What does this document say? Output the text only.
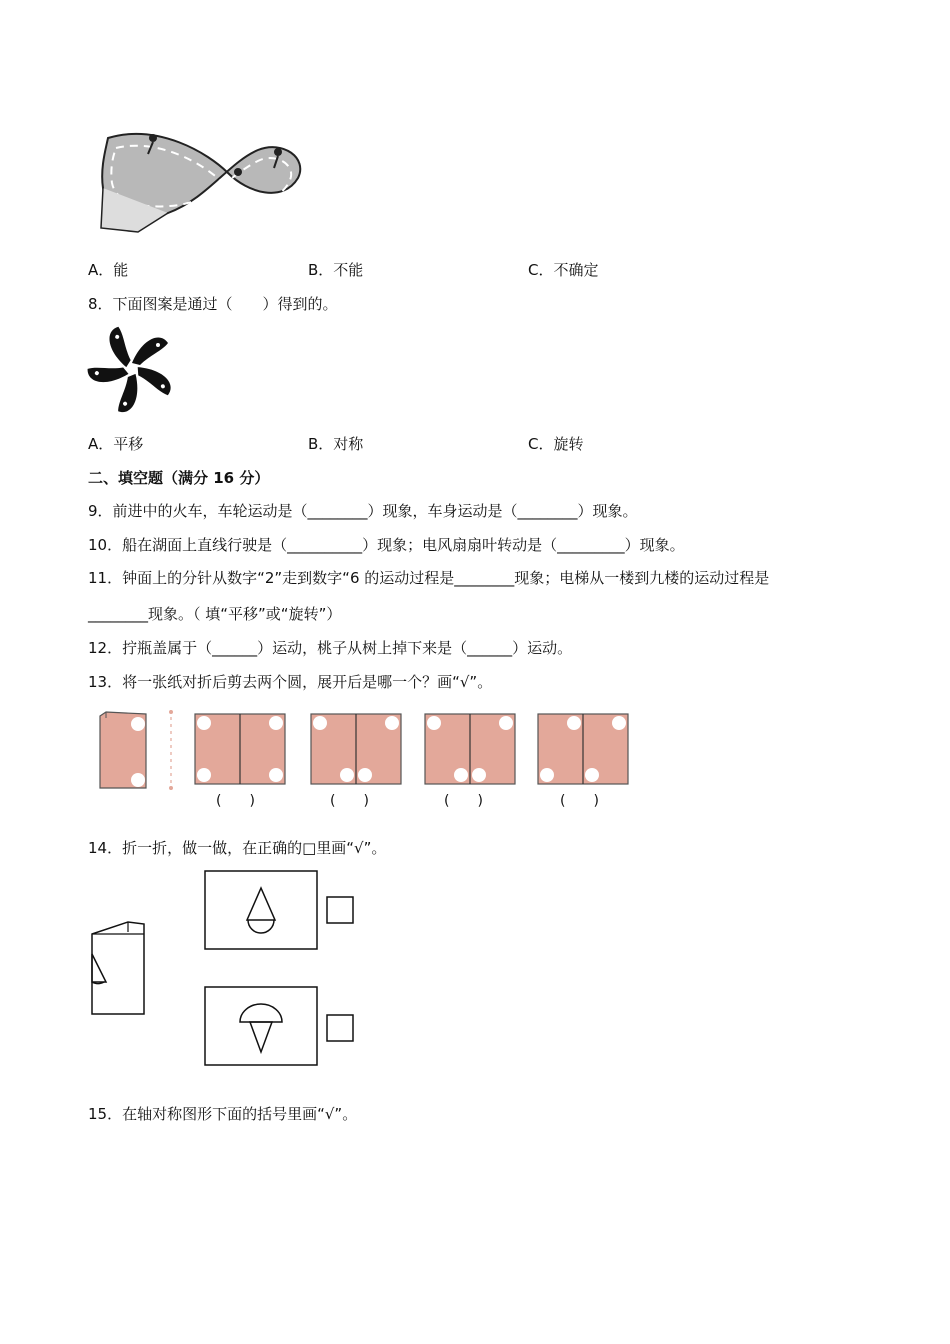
A．能	B．不能	C．不确定
8．下面图案是通过（　　）得到的。
A．平移	B．对称	C．旋转
二、填空题（满分 16 分）
9．前进中的火车，车轮运动是（________）现象，车身运动是（________）现象。
10．船在湖面上直线行驶是（__________）现象；电风扇扇叶转动是（_________）现象。
11．钟面上的分针从数字“2”走到数字“6 的运动过程是________现象；电梯从一楼到九楼的运动过程是
________现象。（ 填“平移”或“旋转”）
12．拧瓶盖属于（______）运动，桃子从树上掉下来是（______）运动。
13．将一张纸对折后剪去两个圆，展开后是哪一个？画“√”。
(　　)	(　　)	(　　)	(　　)
14．折一折，做一做，在正确的□里画“√”。
15．在轴对称图形下面的括号里画“√”。
